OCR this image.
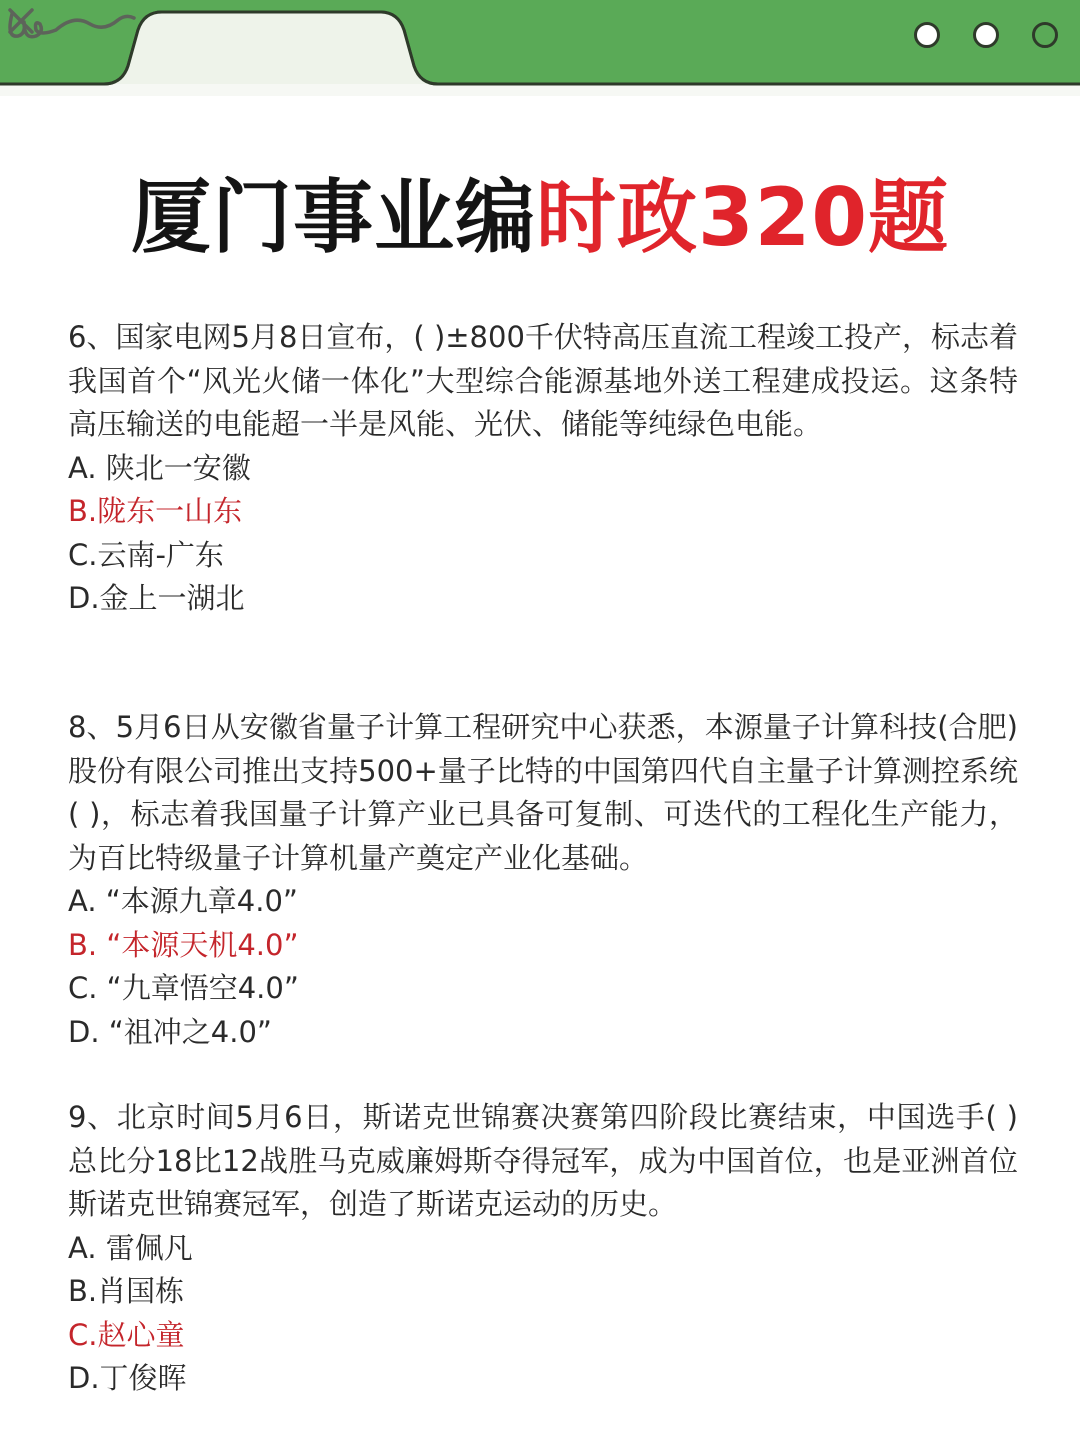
厦门事业编时政320题

6、国家电网5月8日宣布，( )±800千伏特高压直流工程竣工投产，标志着我国首个“风光火储一体化”大型综合能源基地外送工程建成投运。这条特高压输送的电能超一半是风能、光伏、储能等纯绿色电能。

A. 陕北一安徽
B.陇东一山东
C.云南-广东
D.金上一湖北

8、5月6日从安徽省量子计算工程研究中心获悉，本源量子计算科技(合肥)股份有限公司推出支持500+量子比特的中国第四代自主量子计算测控系统( )，标志着我国量子计算产业已具备可复制、可迭代的工程化生产能力，为百比特级量子计算机量产奠定产业化基础。

A. “本源九章4.0”
B. “本源天机4.0”
C. “九章悟空4.0”
D. “祖冲之4.0”

9、北京时间5月6日，斯诺克世锦赛决赛第四阶段比赛结束，中国选手( )总比分18比12战胜马克威廉姆斯夺得冠军，成为中国首位，也是亚洲首位斯诺克世锦赛冠军，创造了斯诺克运动的历史。

A. 雷佩凡
B.肖国栋
C.赵心童
D.丁俊晖
